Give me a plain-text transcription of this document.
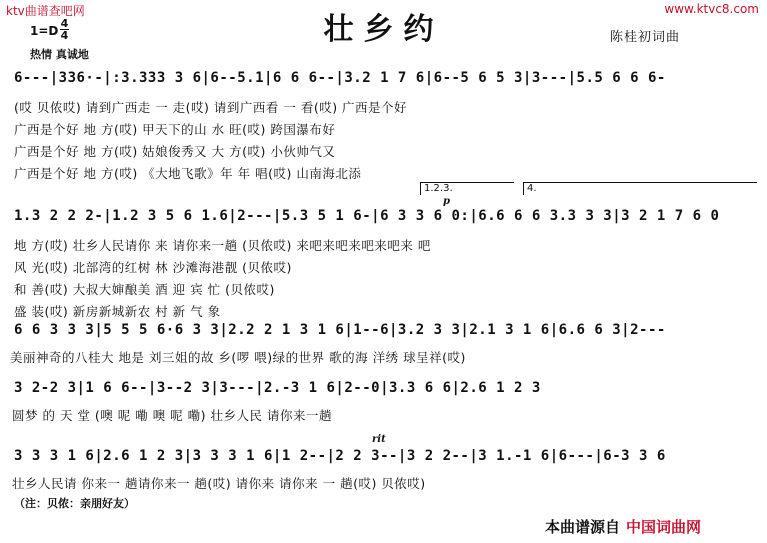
ktv曲谱查吧网	www.ktvc8.com
壮乡约
1=D
4
4
热情 真诚地
陈桂初词曲
6---|336·-|:3.333 3 6|6--5.1|6 6 6--|3.2 1 7 6|6--5 6 5 3|3---|5.5 6 6 6-
(哎 贝侬哎) 请到广西走 一 走(哎) 请到广西看 一 看(哎) 广西是个好
广西是个好 地 方(哎) 甲天下的山 水 旺(哎) 跨国瀑布好
广西是个好 地 方(哎) 姑娘俊秀又 大 方(哎) 小伙帅气又
广西是个好 地 方(哎) 《大地飞歌》年 年 唱(哎) 山南海北添
1.2.3.	4.
p
1.3 2 2 2-|1.2 3 5 6 1.6|2---|5.3 5 1 6-|6 3 3 6 0:|6.6 6 6 3.3 3 3|3 2 1 7 6 0
地 方(哎) 壮乡人民请你 来 请你来一趟 (贝侬哎) 来吧来吧来吧来吧来 吧
风 光(哎) 北部湾的红树 林 沙滩海港靓 (贝侬哎)
和 善(哎) 大叔大婶酿美 酒 迎 宾 忙 (贝侬哎)
盛 装(哎) 新房新城新农 村 新 气 象
6 6 3 3 3|5 5 5 6·6 3 3|2.2 2 1 3 1 6|1--6|3.2 3 3|2.1 3 1 6|6.6 6 3|2---
美丽神奇的八桂大 地是 刘三姐的故 乡(啰 喂)绿的世界 歌的海 洋绣 球呈祥(哎)
3 2-2 3|1 6 6--|3--2 3|3---|2.-3 1 6|2--0|3.3 6 6|2.6 1 2 3
圆梦 的 天 堂 (噢 呢 嘞 噢 呢 嘞) 壮乡人民 请你来一趟
rit
3 3 3 1 6|2.6 1 2 3|3 3 3 1 6|1 2--|2 2 3--|3 2 2--|3 1.-1 6|6---|6-3 3 6
壮乡人民请 你来一 趟请你来一 趟(哎) 请你来 请你来 一 趟(哎) 贝侬哎)
（注：贝侬：亲朋好友）
本曲谱源自 中国词曲网
